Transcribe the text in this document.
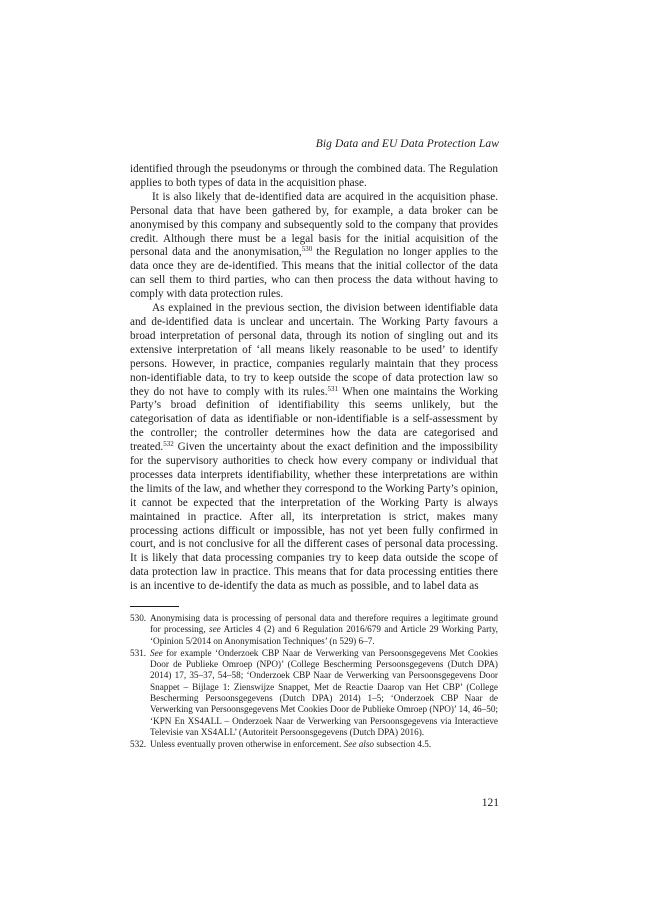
Big Data and EU Data Protection Law

identified through the pseudonyms or through the combined data. The Regulation applies to both types of data in the acquisition phase.

It is also likely that de-identified data are acquired in the acquisition phase. Personal data that have been gathered by, for example, a data broker can be anonymised by this company and subsequently sold to the company that provides credit. Although there must be a legal basis for the initial acquisition of the personal data and the anonymisation,$^{530}$ the Regulation no longer applies to the data once they are de-identified. This means that the initial collector of the data can sell them to third parties, who can then process the data without having to comply with data protection rules.

As explained in the previous section, the division between identifiable data and de-identified data is unclear and uncertain. The Working Party favours a broad interpretation of personal data, through its notion of singling out and its extensive interpretation of ‘all means likely reasonable to be used’ to identify persons. However, in practice, companies regularly maintain that they process non-identifiable data, to try to keep outside the scope of data protection law so they do not have to comply with its rules.$^{531}$ When one maintains the Working Party’s broad definition of identifiability this seems unlikely, but the categorisation of data as identifiable or non-identifiable is a self-assessment by the controller; the controller determines how the data are categorised and treated.$^{532}$ Given the uncertainty about the exact definition and the impossibility for the supervisory authorities to check how every company or individual that processes data interprets identifiability, whether these interpretations are within the limits of the law, and whether they correspond to the Working Party’s opinion, it cannot be expected that the interpretation of the Working Party is always maintained in practice. After all, its interpretation is strict, makes many processing actions difficult or impossible, has not yet been fully confirmed in court, and is not conclusive for all the different cases of personal data processing. It is likely that data processing companies try to keep data outside the scope of data protection law in practice. This means that for data processing entities there is an incentive to de-identify the data as much as possible, and to label data as

530. Anonymising data is processing of personal data and therefore requires a legitimate ground for processing, see Articles 4 (2) and 6 Regulation 2016/679 and Article 29 Working Party, ‘Opinion 5/2014 on Anonymisation Techniques’ (n 529) 6–7.
531. See for example ‘Onderzoek CBP Naar de Verwerking van Persoonsgegevens Met Cookies Door de Publieke Omroep (NPO)’ (College Bescherming Persoonsgegevens (Dutch DPA) 2014) 17, 35–37, 54–58; ‘Onderzoek CBP Naar de Verwerking van Persoonsgegevens Door Snappet – Bijlage 1: Zienswijze Snappet, Met de Reactie Daarop van Het CBP’ (College Bescherming Persoonsgegevens (Dutch DPA) 2014) 1–5; ‘Onderzoek CBP Naar de Verwerking van Persoonsgegevens Met Cookies Door de Publieke Omroep (NPO)’ 14, 46–50; ‘KPN En XS4ALL – Onderzoek Naar de Verwerking van Persoonsgegevens via Interactieve Televisie van XS4ALL’ (Autoriteit Persoonsgegevens (Dutch DPA) 2016).
532. Unless eventually proven otherwise in enforcement. See also subsection 4.5.
121
